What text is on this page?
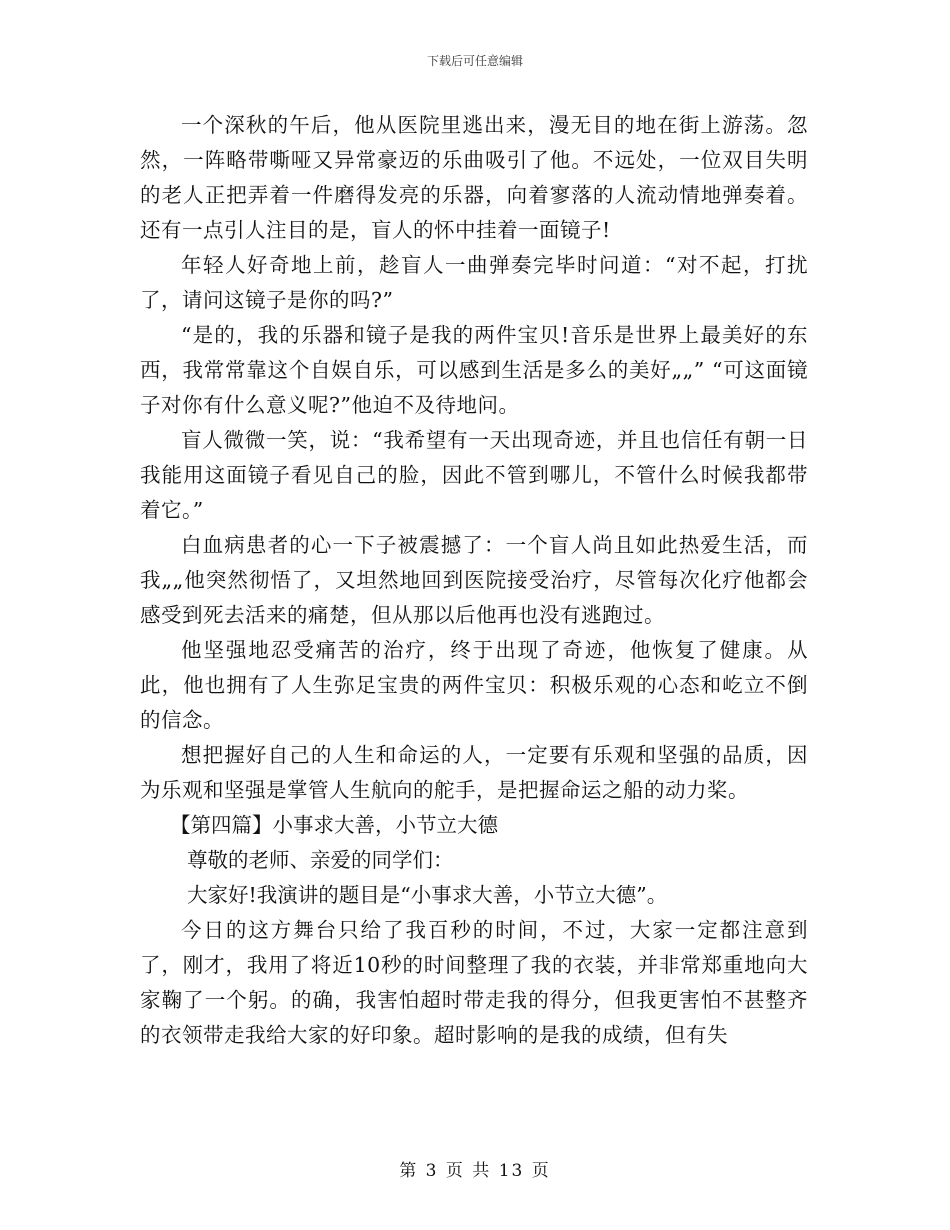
下载后可任意编辑

一个深秋的午后，他从医院里逃出来，漫无目的地在街上游荡。忽然，一阵略带嘶哑又异常豪迈的乐曲吸引了他。不远处，一位双目失明的老人正把弄着一件磨得发亮的乐器，向着寥落的人流动情地弹奏着。还有一点引人注目的是，盲人的怀中挂着一面镜子!

年轻人好奇地上前，趁盲人一曲弹奏完毕时问道：“对不起，打扰了，请问这镜子是你的吗?”

“是的，我的乐器和镜子是我的两件宝贝!音乐是世界上最美好的东西，我常常靠这个自娱自乐，可以感到生活是多么的美好„„” “可这面镜子对你有什么意义呢?”他迫不及待地问。

盲人微微一笑，说：“我希望有一天出现奇迹，并且也信任有朝一日我能用这面镜子看见自己的脸，因此不管到哪儿，不管什么时候我都带着它。”

白血病患者的心一下子被震撼了：一个盲人尚且如此热爱生活，而我„„他突然彻悟了，又坦然地回到医院接受治疗，尽管每次化疗他都会感受到死去活来的痛楚，但从那以后他再也没有逃跑过。

他坚强地忍受痛苦的治疗，终于出现了奇迹，他恢复了健康。从此，他也拥有了人生弥足宝贵的两件宝贝：积极乐观的心态和屹立不倒的信念。

想把握好自己的人生和命运的人，一定要有乐观和坚强的品质，因为乐观和坚强是掌管人生航向的舵手，是把握命运之船的动力桨。

【第四篇】小事求大善，小节立大德

尊敬的老师、亲爱的同学们：

大家好!我演讲的题目是“小事求大善，小节立大德”。

今日的这方舞台只给了我百秒的时间，不过，大家一定都注意到了，刚才，我用了将近10秒的时间整理了我的衣装，并非常郑重地向大家鞠了一个躬。的确，我害怕超时带走我的得分，但我更害怕不甚整齐的衣领带走我给大家的好印象。超时影响的是我的成绩，但有失

第 3 页 共 13 页
